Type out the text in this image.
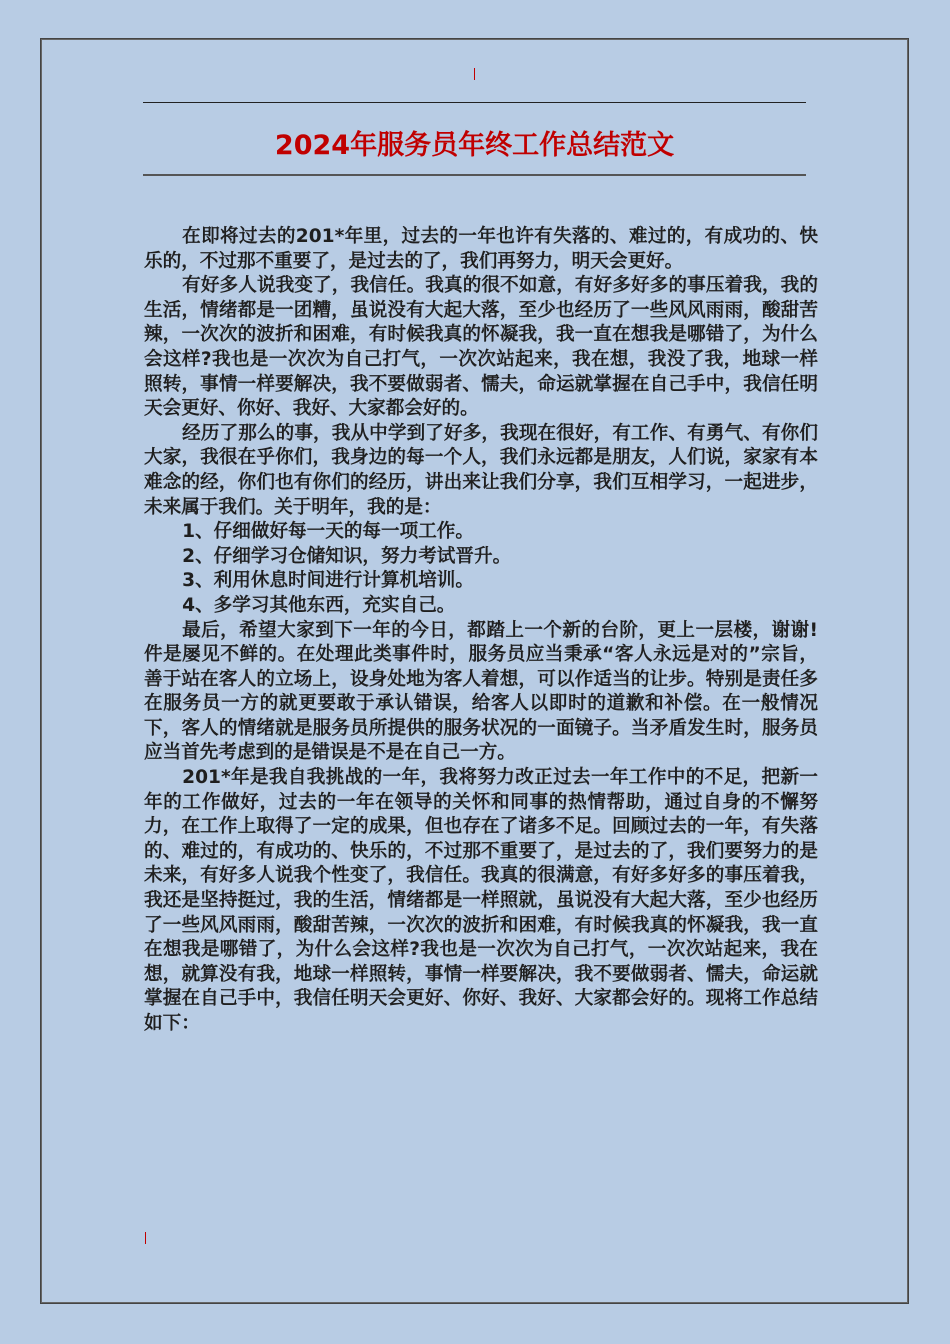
2024年服务员年终工作总结范文

在即将过去的201*年里，过去的一年也许有失落的、难过的，有成功的、快乐的，不过那不重要了，是过去的了，我们再努力，明天会更好。

有好多人说我变了，我信任。我真的很不如意，有好多好多的事压着我，我的生活，情绪都是一团糟，虽说没有大起大落，至少也经历了一些风风雨雨，酸甜苦辣，一次次的波折和困难，有时候我真的怀凝我，我一直在想我是哪错了，为什么会这样?我也是一次次为自己打气，一次次站起来，我在想，我没了我，地球一样照转，事情一样要解决，我不要做弱者、懦夫，命运就掌握在自己手中，我信任明天会更好、你好、我好、大家都会好的。

经历了那么的事，我从中学到了好多，我现在很好，有工作、有勇气、有你们大家，我很在乎你们，我身边的每一个人，我们永远都是朋友，人们说，家家有本难念的经，你们也有你们的经历，讲出来让我们分享，我们互相学习，一起进步，未来属于我们。关于明年，我的是：

1、仔细做好每一天的每一项工作。

2、仔细学习仓储知识，努力考试晋升。

3、利用休息时间进行计算机培训。

4、多学习其他东西，充实自己。

最后，希望大家到下一年的今日，都踏上一个新的台阶，更上一层楼，谢谢!件是屡见不鲜的。在处理此类事件时，服务员应当秉承“客人永远是对的”宗旨，善于站在客人的立场上，设身处地为客人着想，可以作适当的让步。特别是责任多在服务员一方的就更要敢于承认错误，给客人以即时的道歉和补偿。在一般情况下，客人的情绪就是服务员所提供的服务状况的一面镜子。当矛盾发生时，服务员应当首先考虑到的是错误是不是在自己一方。

201*年是我自我挑战的一年，我将努力改正过去一年工作中的不足，把新一年的工作做好，过去的一年在领导的关怀和同事的热情帮助，通过自身的不懈努力，在工作上取得了一定的成果，但也存在了诸多不足。回顾过去的一年，有失落的、难过的，有成功的、快乐的，不过那不重要了，是过去的了，我们要努力的是未来，有好多人说我个性变了，我信任。我真的很满意，有好多好多的事压着我，我还是坚持挺过，我的生活，情绪都是一样照就，虽说没有大起大落，至少也经历了一些风风雨雨，酸甜苦辣，一次次的波折和困难，有时候我真的怀凝我，我一直在想我是哪错了，为什么会这样?我也是一次次为自己打气，一次次站起来，我在想，就算没有我，地球一样照转，事情一样要解决，我不要做弱者、懦夫，命运就掌握在自己手中，我信任明天会更好、你好、我好、大家都会好的。现将工作总结如下：
